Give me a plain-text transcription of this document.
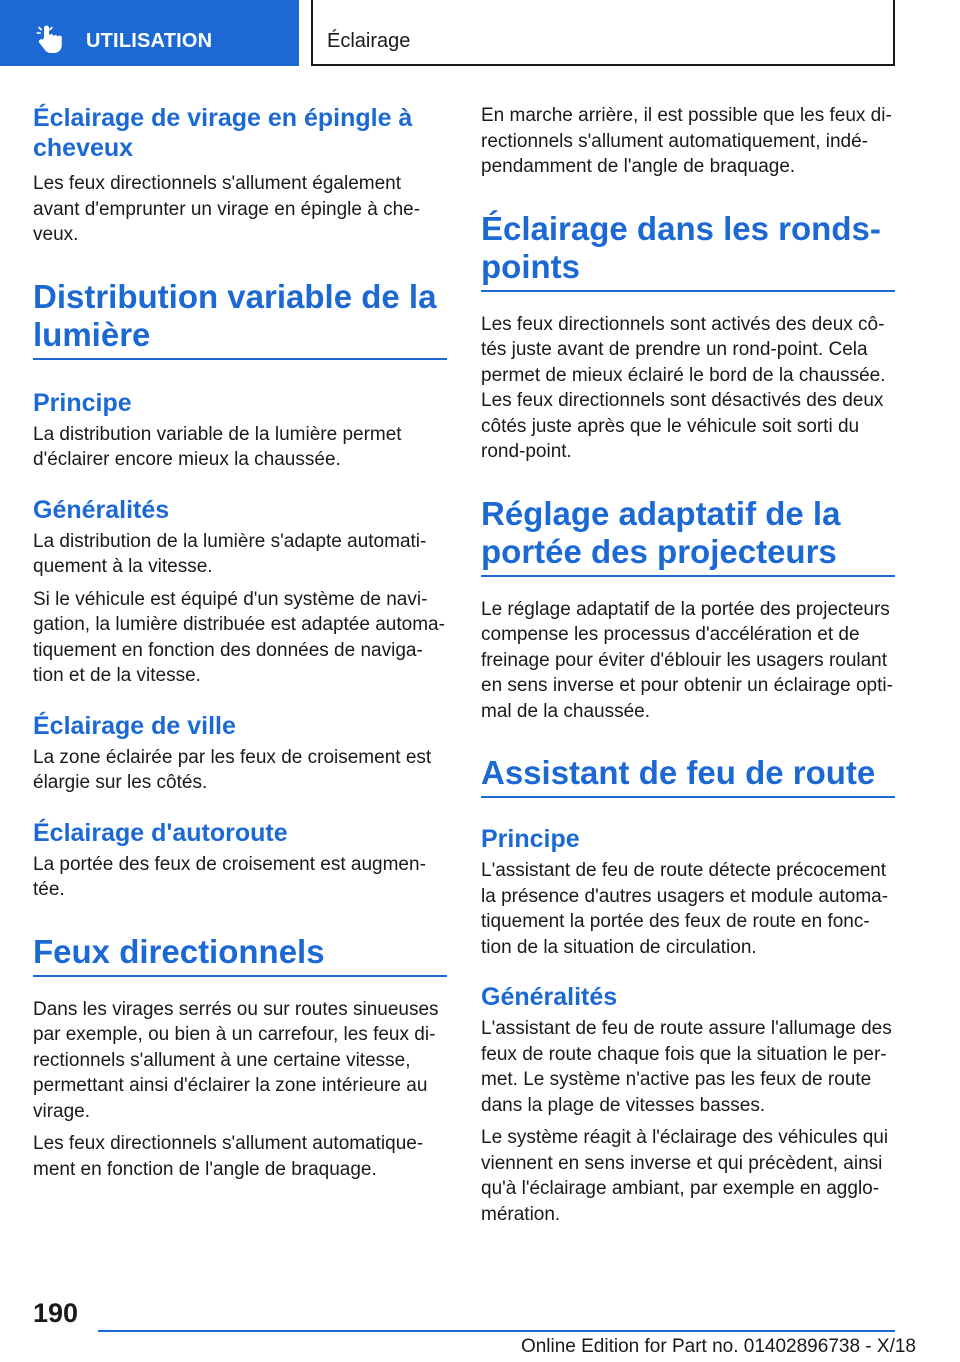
UTILISATION	Éclairage
Éclairage de virage en épingle à cheveux
Les feux directionnels s'allument également avant d'emprunter un virage en épingle à che-veux.
Distribution variable de la lumière
Principe
La distribution variable de la lumière permet d'éclairer encore mieux la chaussée.
Généralités
La distribution de la lumière s'adapte automati-quement à la vitesse.
Si le véhicule est équipé d'un système de navi-gation, la lumière distribuée est adaptée automa-tiquement en fonction des données de naviga-tion et de la vitesse.
Éclairage de ville
La zone éclairée par les feux de croisement est élargie sur les côtés.
Éclairage d'autoroute
La portée des feux de croisement est augmen-tée.
Feux directionnels
Dans les virages serrés ou sur routes sinueuses par exemple, ou bien à un carrefour, les feux di-rectionnels s'allument à une certaine vitesse, permettant ainsi d'éclairer la zone intérieure au virage.
Les feux directionnels s'allument automatique-ment en fonction de l'angle de braquage.
En marche arrière, il est possible que les feux di-rectionnels s'allument automatiquement, indé-pendamment de l'angle de braquage.
Éclairage dans les ronds-points
Les feux directionnels sont activés des deux cô-tés juste avant de prendre un rond-point. Cela permet de mieux éclairé le bord de la chaussée. Les feux directionnels sont désactivés des deux côtés juste après que le véhicule soit sorti du rond-point.
Réglage adaptatif de la portée des projecteurs
Le réglage adaptatif de la portée des projecteurs compense les processus d'accélération et de freinage pour éviter d'éblouir les usagers roulant en sens inverse et pour obtenir un éclairage opti-mal de la chaussée.
Assistant de feu de route
Principe
L'assistant de feu de route détecte précocement la présence d'autres usagers et module automa-tiquement la portée des feux de route en fonc-tion de la situation de circulation.
Généralités
L'assistant de feu de route assure l'allumage des feux de route chaque fois que la situation le per-met. Le système n'active pas les feux de route dans la plage de vitesses basses.
Le système réagit à l'éclairage des véhicules qui viennent en sens inverse et qui précèdent, ainsi qu'à l'éclairage ambiant, par exemple en agglo-mération.
190
Online Edition for Part no. 01402896738 - X/18
